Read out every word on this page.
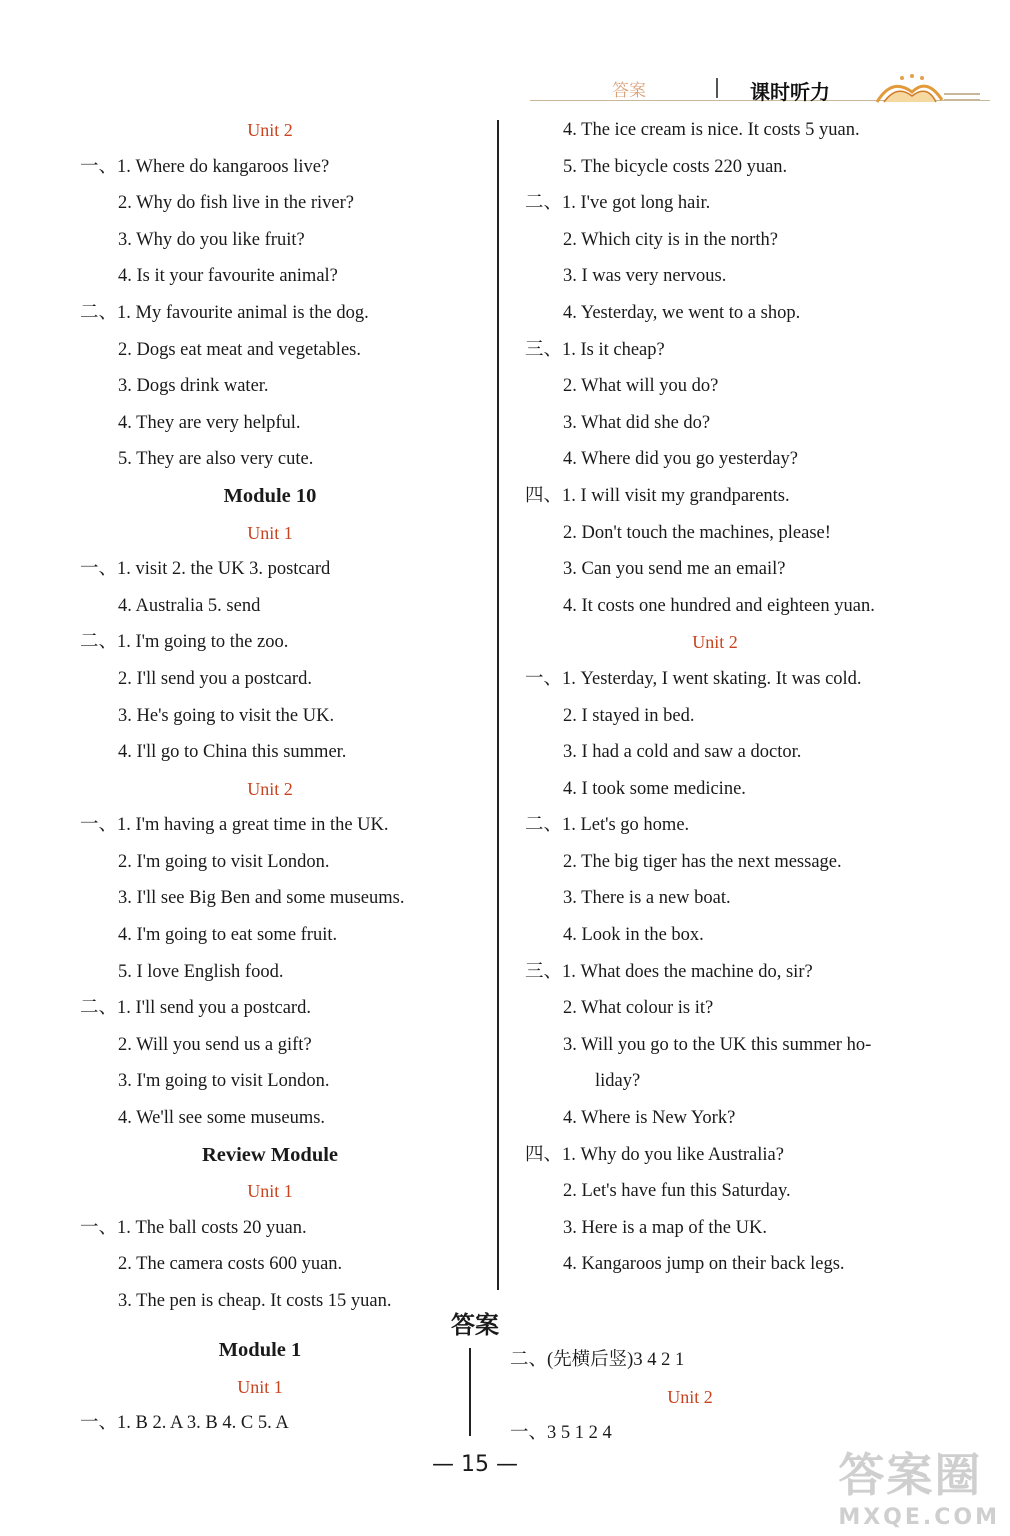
答案	课时听力
Unit 2
一、1. Where do kangaroos live?
2. Why do fish live in the river?
3. Why do you like fruit?
4. Is it your favourite animal?
二、1. My favourite animal is the dog.
2. Dogs eat meat and vegetables.
3. Dogs drink water.
4. They are very helpful.
5. They are also very cute.
Module 10
Unit 1
一、1. visit 2. the UK 3. postcard
4. Australia 5. send
二、1. I'm going to the zoo.
2. I'll send you a postcard.
3. He's going to visit the UK.
4. I'll go to China this summer.
Unit 2
一、1. I'm having a great time in the UK.
2. I'm going to visit London.
3. I'll see Big Ben and some museums.
4. I'm going to eat some fruit.
5. I love English food.
二、1. I'll send you a postcard.
2. Will you send us a gift?
3. I'm going to visit London.
4. We'll see some museums.
Review Module
Unit 1
一、1. The ball costs 20 yuan.
2. The camera costs 600 yuan.
3. The pen is cheap. It costs 15 yuan.
4. The ice cream is nice. It costs 5 yuan.
5. The bicycle costs 220 yuan.
二、1. I've got long hair.
2. Which city is in the north?
3. I was very nervous.
4. Yesterday, we went to a shop.
三、1. Is it cheap?
2. What will you do?
3. What did she do?
4. Where did you go yesterday?
四、1. I will visit my grandparents.
2. Don't touch the machines, please!
3. Can you send me an email?
4. It costs one hundred and eighteen yuan.
Unit 2
一、1. Yesterday, I went skating. It was cold.
2. I stayed in bed.
3. I had a cold and saw a doctor.
4. I took some medicine.
二、1. Let's go home.
2. The big tiger has the next message.
3. There is a new boat.
4. Look in the box.
三、1. What does the machine do, sir?
2. What colour is it?
3. Will you go to the UK this summer ho-
liday?
4. Where is New York?
四、1. Why do you like Australia?
2. Let's have fun this Saturday.
3. Here is a map of the UK.
4. Kangaroos jump on their back legs.
答案
Module 1
Unit 1
一、1. B 2. A 3. B 4. C 5. A
二、(先横后竖)3 4 2 1
Unit 2
一、3 5 1 2 4
— 15 —	答案圈
MXQE.COM
